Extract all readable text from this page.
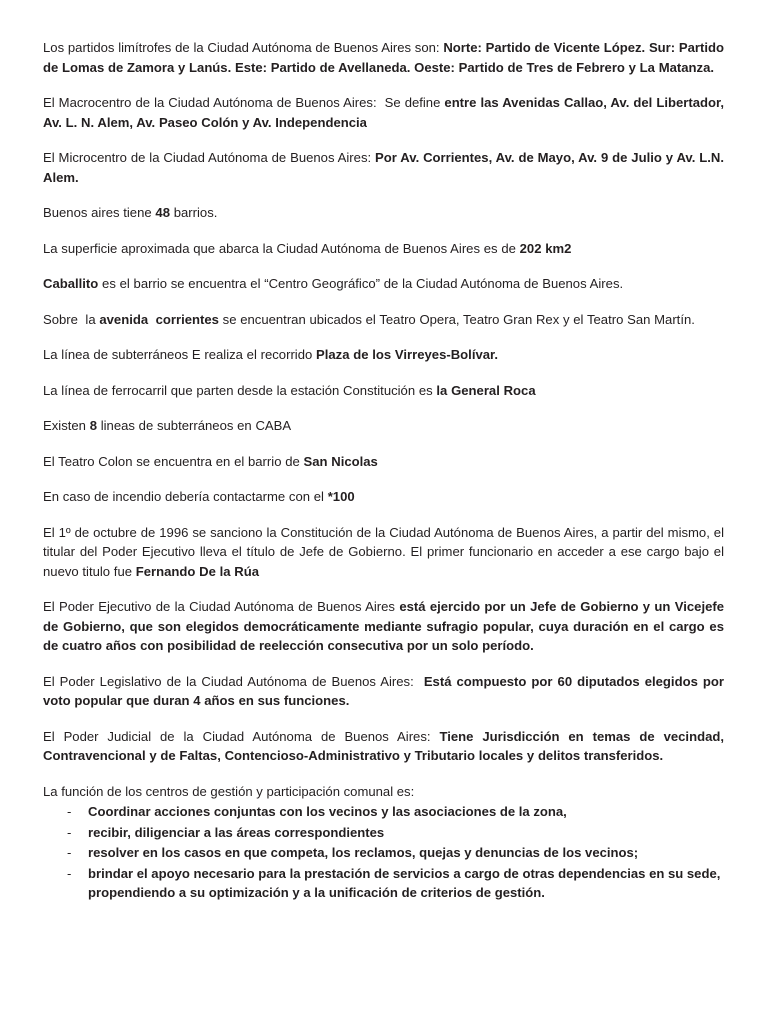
Los partidos limítrofes de la Ciudad Autónoma de Buenos Aires son: Norte: Partido de Vicente López. Sur: Partido de Lomas de Zamora y Lanús. Este: Partido de Avellaneda. Oeste: Partido de Tres de Febrero y La Matanza.

El Macrocentro de la Ciudad Autónoma de Buenos Aires:  Se define entre las Avenidas Callao, Av. del Libertador, Av. L. N. Alem, Av. Paseo Colón y Av. Independencia

El Microcentro de la Ciudad Autónoma de Buenos Aires: Por Av. Corrientes, Av. de Mayo, Av. 9 de Julio y Av. L.N. Alem.

Buenos aires tiene 48 barrios.

La superficie aproximada que abarca la Ciudad Autónoma de Buenos Aires es de 202 km2

Caballito es el barrio se encuentra el “Centro Geográfico” de la Ciudad Autónoma de Buenos Aires.

Sobre  la avenida  corrientes se encuentran ubicados el Teatro Opera, Teatro Gran Rex y el Teatro San Martín.

La línea de subterráneos E realiza el recorrido Plaza de los Virreyes-Bolívar.

La línea de ferrocarril que parten desde la estación Constitución es la General Roca

Existen 8 lineas de subterráneos en CABA

El Teatro Colon se encuentra en el barrio de San Nicolas

En caso de incendio debería contactarme con el *100

El 1º de octubre de 1996 se sanciono la Constitución de la Ciudad Autónoma de Buenos Aires, a partir del mismo, el titular del Poder Ejecutivo lleva el título de Jefe de Gobierno. El primer funcionario en acceder a ese cargo bajo el nuevo titulo fue Fernando De la Rúa

El Poder Ejecutivo de la Ciudad Autónoma de Buenos Aires está ejercido por un Jefe de Gobierno y un Vicejefe de Gobierno, que son elegidos democráticamente mediante sufragio popular, cuya duración en el cargo es de cuatro años con posibilidad de reelección consecutiva por un solo período.

El Poder Legislativo de la Ciudad Autónoma de Buenos Aires:  Está compuesto por 60 diputados elegidos por voto popular que duran 4 años en sus funciones.

El Poder Judicial de la Ciudad Autónoma de Buenos Aires: Tiene Jurisdicción en temas de vecindad, Contravencional y de Faltas, Contencioso-Administrativo y Tributario locales y delitos transferidos.

La función de los centros de gestión y participación comunal es:

- Coordinar acciones conjuntas con los vecinos y las asociaciones de la zona,
- recibir, diligenciar a las áreas correspondientes
- resolver en los casos en que competa, los reclamos, quejas y denuncias de los vecinos;
- brindar el apoyo necesario para la prestación de servicios a cargo de otras dependencias en su sede, propendiendo a su optimización y a la unificación de criterios de gestión.
